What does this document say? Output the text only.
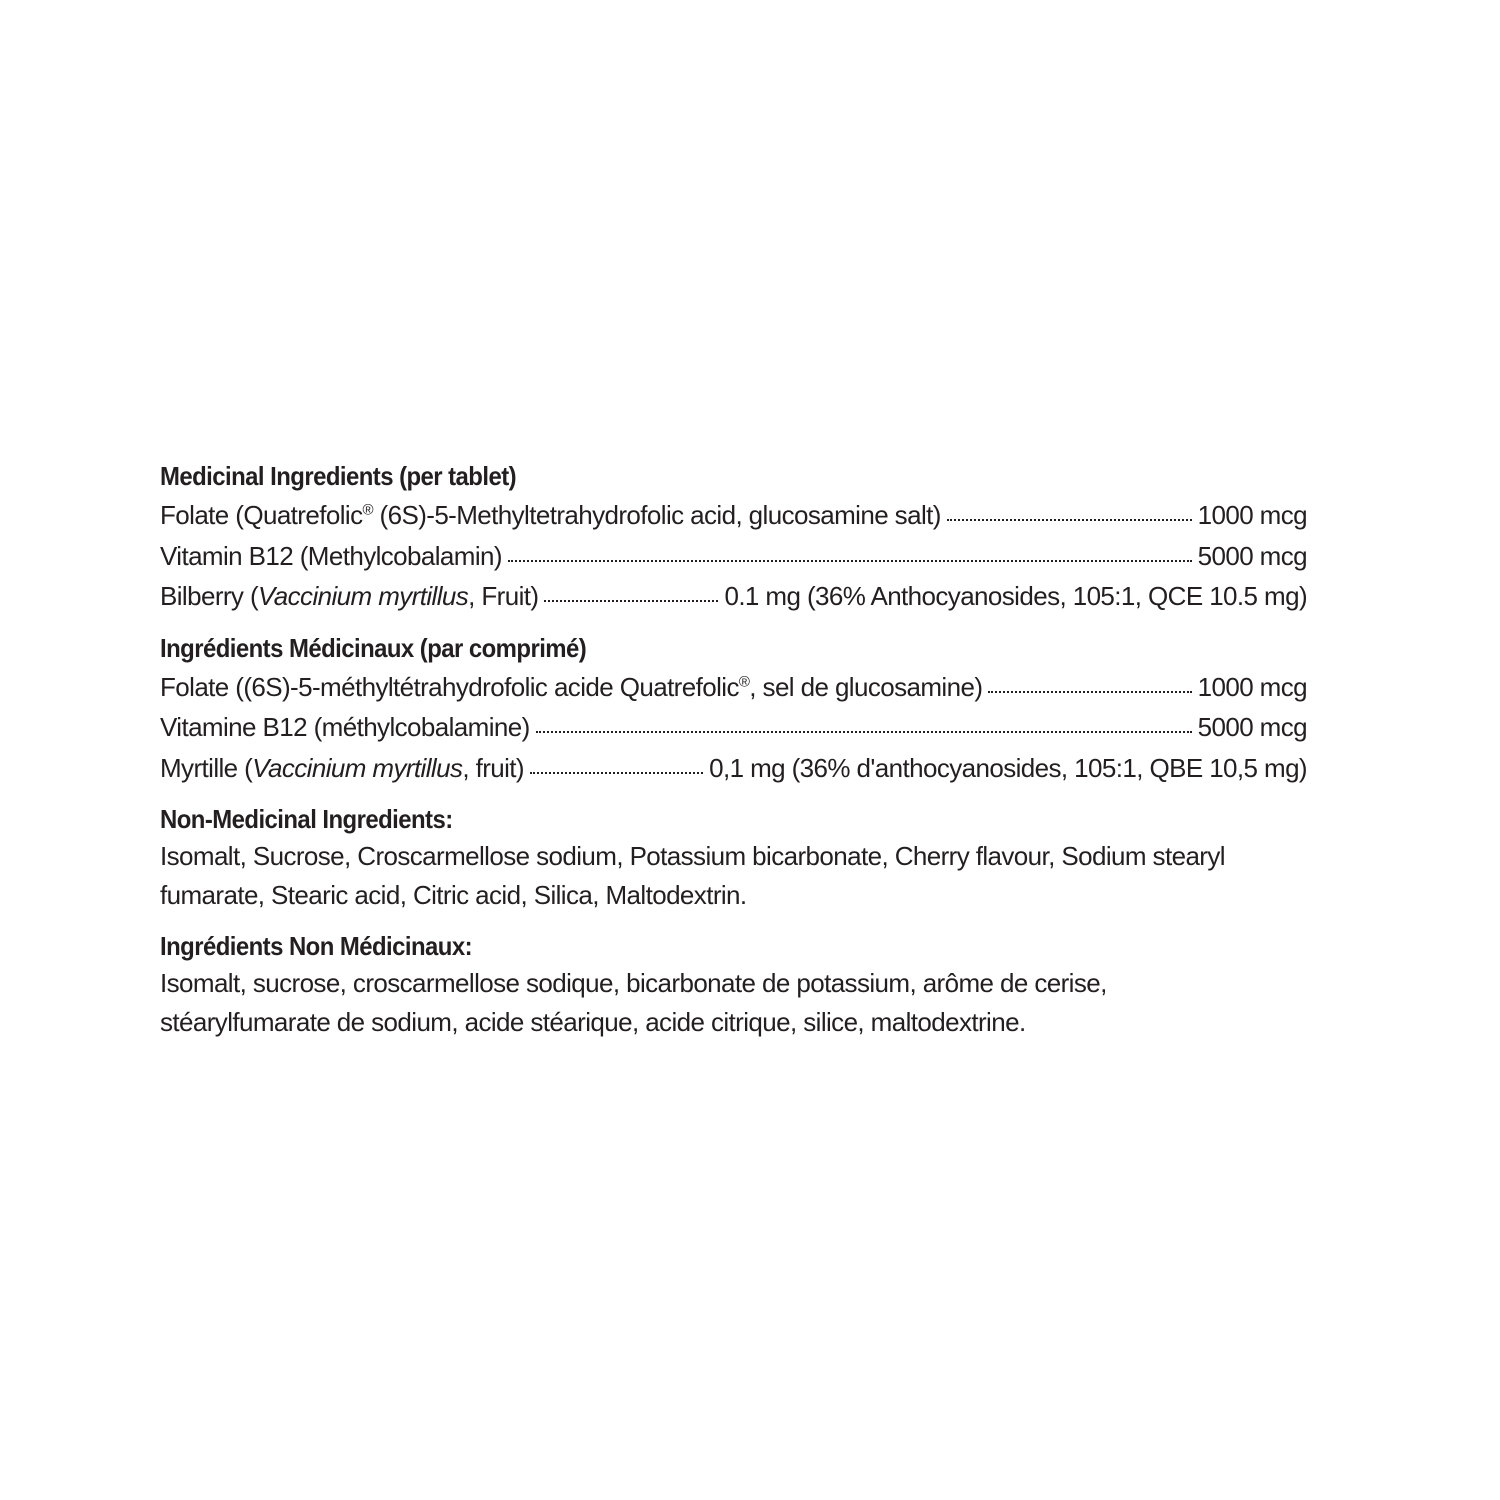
Medicinal Ingredients (per tablet)
Folate (Quatrefolic® (6S)-5-Methyltetrahydrofolic acid, glucosamine salt)	1000 mcg
Vitamin B12 (Methylcobalamin)	5000 mcg
Bilberry (Vaccinium myrtillus, Fruit)	0.1 mg (36% Anthocyanosides, 105:1, QCE 10.5 mg)
Ingrédients Médicinaux (par comprimé)
Folate ((6S)-5-méthyltétrahydrofolic acide Quatrefolic®, sel de glucosamine)	1000 mcg
Vitamine B12 (méthylcobalamine)	5000 mcg
Myrtille (Vaccinium myrtillus, fruit)	0,1 mg (36% d'anthocyanosides, 105:1, QBE 10,5 mg)
Non-Medicinal Ingredients:
Isomalt, Sucrose, Croscarmellose sodium, Potassium bicarbonate, Cherry flavour, Sodium stearyl
fumarate, Stearic acid, Citric acid, Silica, Maltodextrin.
Ingrédients Non Médicinaux:
Isomalt, sucrose, croscarmellose sodique, bicarbonate de potassium, arôme de cerise,
stéarylfumarate de sodium, acide stéarique, acide citrique, silice, maltodextrine.
